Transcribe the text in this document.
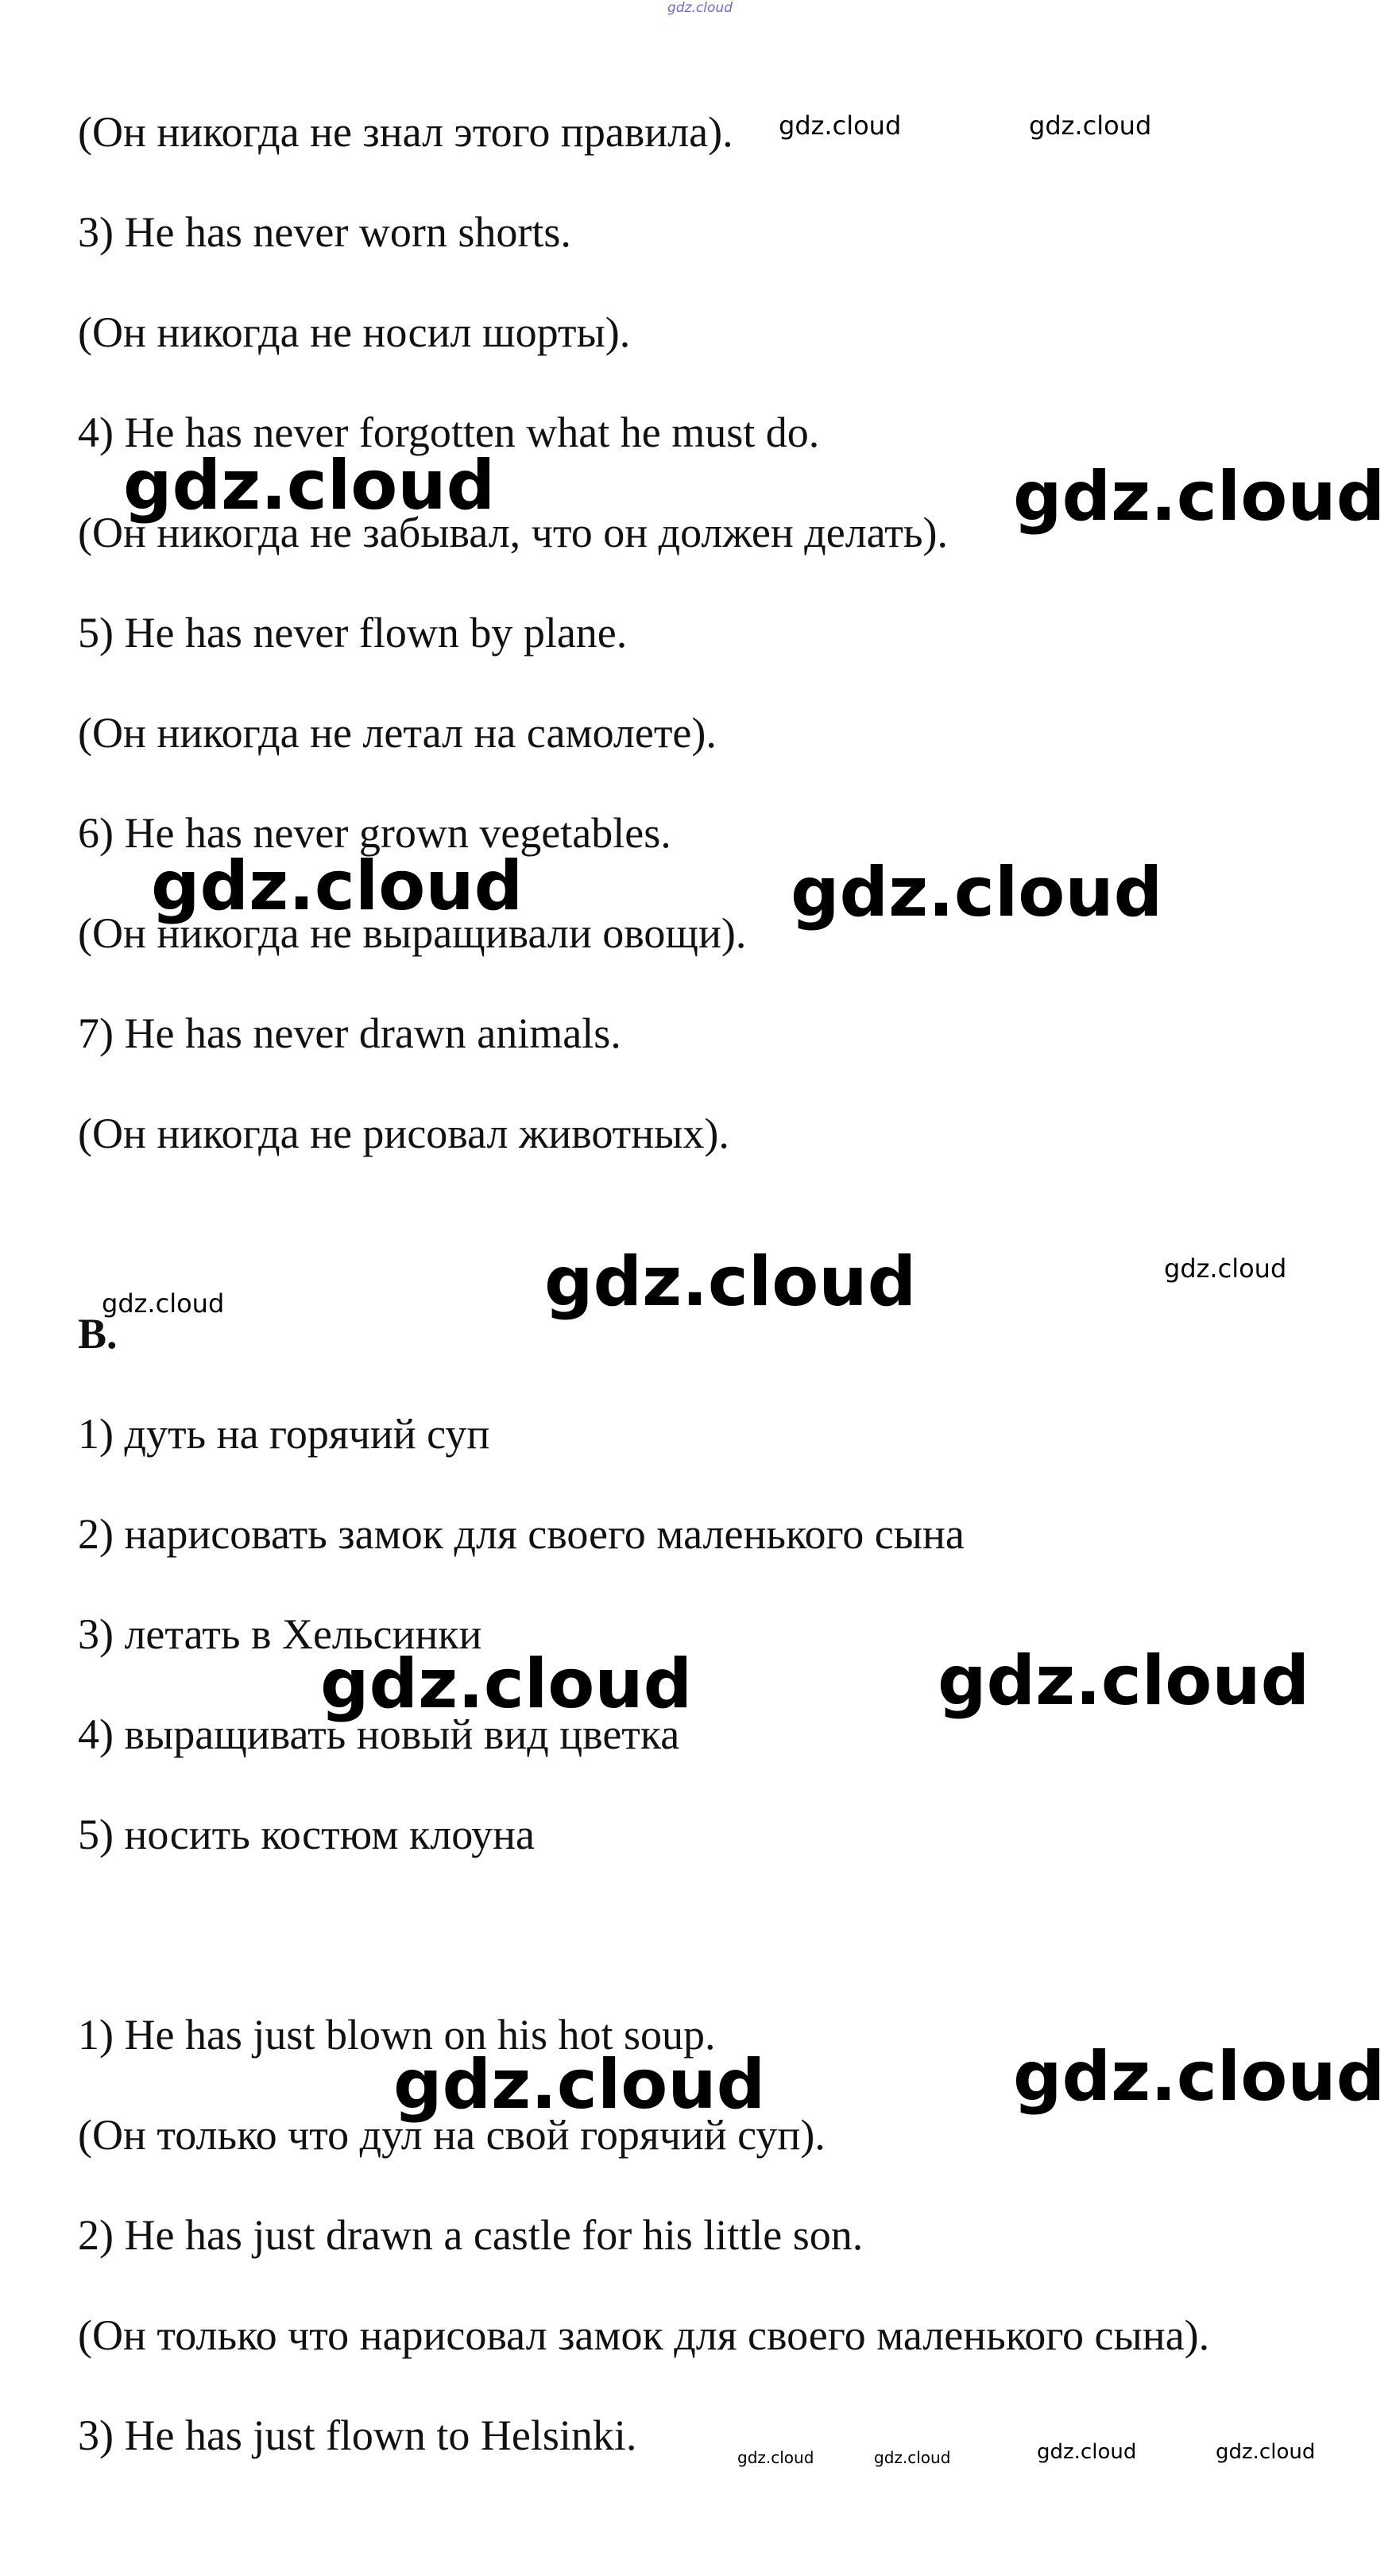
(Он никогда не знал этого правила).

3) He has never worn shorts.

(Он никогда не носил шорты).

4) He has never forgotten what he must do.

(Он никогда не забывал, что он должен делать).

5) He has never flown by plane.

(Он никогда не летал на самолете).

6) He has never grown vegetables.

(Он никогда не выращивали овощи).

7) He has never drawn animals.

(Он никогда не рисовал животных).

B.

1) дуть на горячий суп

2) нарисовать замок для своего маленького сына

3) летать в Хельсинки

4) выращивать новый вид цветка

5) носить костюм клоуна

1) He has just blown on his hot soup.

(Он только что дул на свой горячий суп).

2) He has just drawn a castle for his little son.

(Он только что нарисовал замок для своего маленького сына).

3) He has just flown to Helsinki.

gdz.cloud
gdz.cloud	gdz.cloud
gdz.cloud	gdz.cloud
gdz.cloud	gdz.cloud
gdz.cloud
gdz.cloud
gdz.cloud
gdz.cloud	gdz.cloud
gdz.cloud	gdz.cloud
gdz.cloud	gdz.cloud	gdz.cloud	gdz.cloud
